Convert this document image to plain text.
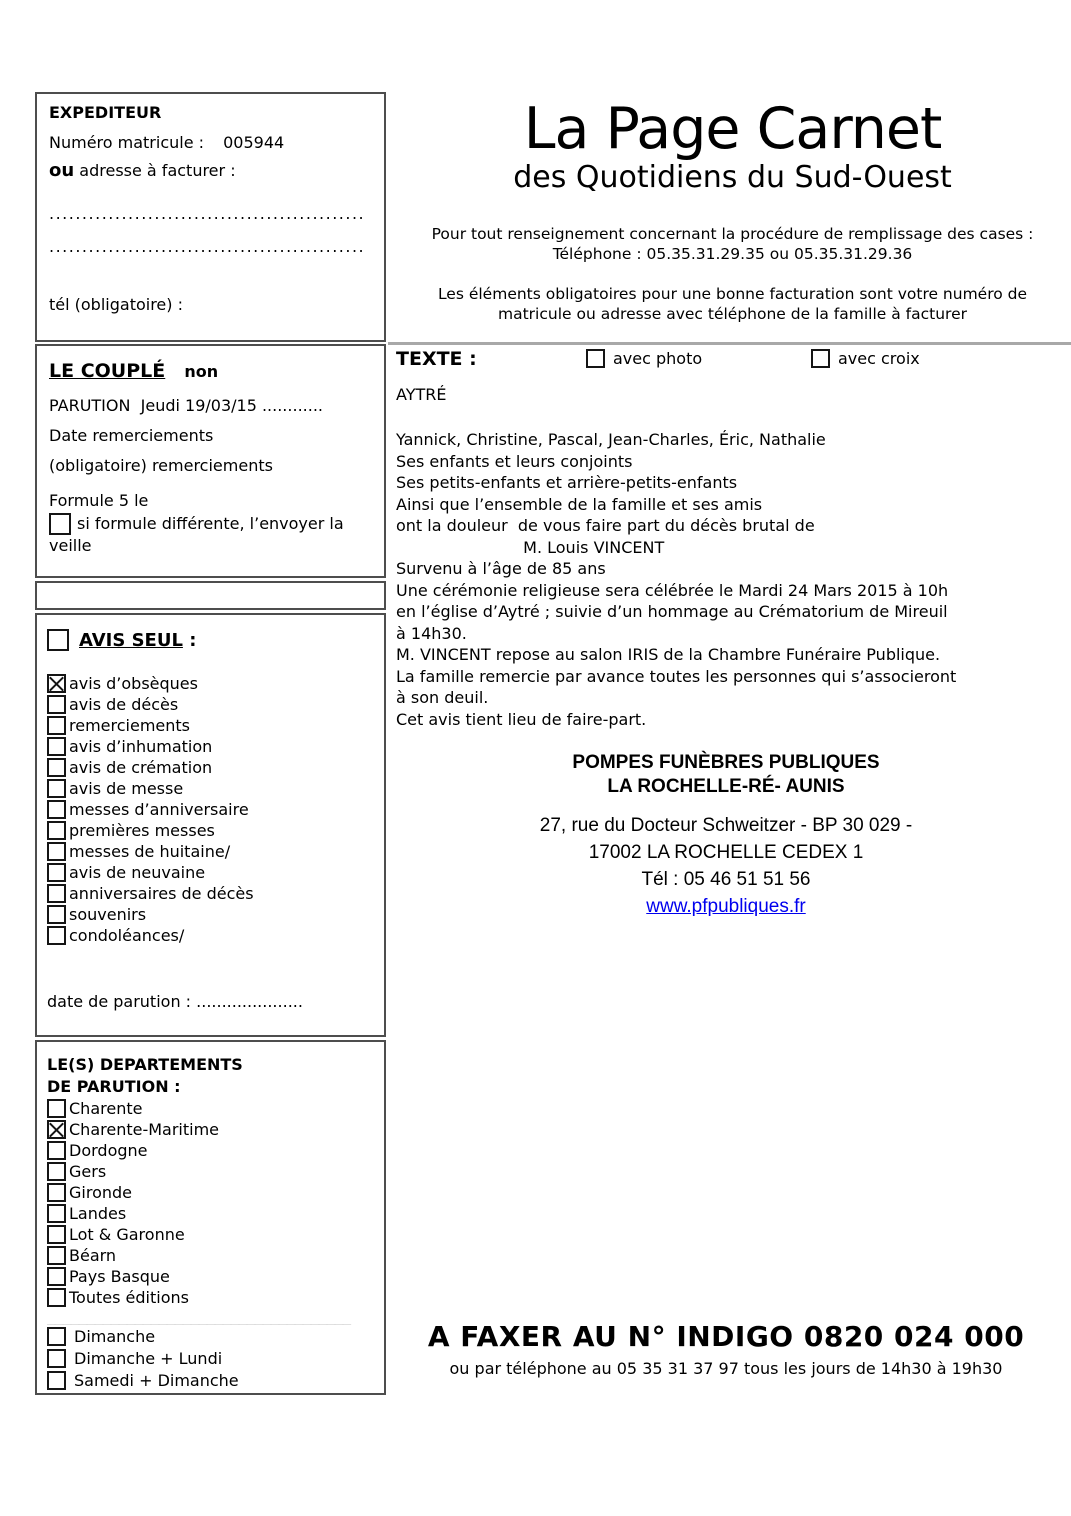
EXPEDITEUR
Numéro matricule : 005944
ou adresse à facturer :
................................................
................................................
tél (obligatoire) :
La Page Carnet
des Quotidiens du Sud-Ouest
Pour tout renseignement concernant la procédure de remplissage des cases :
Téléphone : 05.35.31.29.35 ou 05.35.31.29.36
Les éléments obligatoires pour une bonne facturation sont votre numéro de
matricule ou adresse avec téléphone de la famille à facturer
TEXTE :	avec photo	avec croix
AYTRÉ
Yannick, Christine, Pascal, Jean-Charles, Éric, Nathalie
Ses enfants et leurs conjoints
Ses petits-enfants et arrière-petits-enfants
Ainsi que l’ensemble de la famille et ses amis
ont la douleur  de vous faire part du décès brutal de
M. Louis VINCENT
Survenu à l’âge de 85 ans
Une cérémonie religieuse sera célébrée le Mardi 24 Mars 2015 à 10h
en l’église d’Aytré ; suivie d’un hommage au Crématorium de Mireuil
à 14h30.
M. VINCENT repose au salon IRIS de la Chambre Funéraire Publique.
La famille remercie par avance toutes les personnes qui s’associeront
à son deuil.
Cet avis tient lieu de faire-part.
POMPES FUNÈBRES PUBLIQUES
LA ROCHELLE-RÉ- AUNIS
27, rue du Docteur Schweitzer - BP 30 029 -
17002 LA ROCHELLE CEDEX 1
Tél : 05 46 51 51 56
www.pfpubliques.fr
LE COUPLÉ non
PARUTION  Jeudi 19/03/15 ............
Date remerciements
(obligatoire) remerciements
Formule 5 le
si formule différente, l’envoyer la
veille
AVIS SEUL :
avis d’obsèques
avis de décès
remerciements
avis d’inhumation
avis de crémation
avis de messe
messes d’anniversaire
premières messes
messes de huitaine/
avis de neuvaine
anniversaires de décès
souvenirs
condoléances/
date de parution : .....................
LE(S) DEPARTEMENTS
DE PARUTION :
Charente
Charente-Maritime
Dordogne
Gers
Gironde
Landes
Lot & Garonne
Béarn
Pays Basque
Toutes éditions
______________________________________
Dimanche
Dimanche + Lundi
Samedi + Dimanche
A FAXER AU N° INDIGO 0820 024 000
ou par téléphone au 05 35 31 37 97 tous les jours de 14h30 à 19h30
